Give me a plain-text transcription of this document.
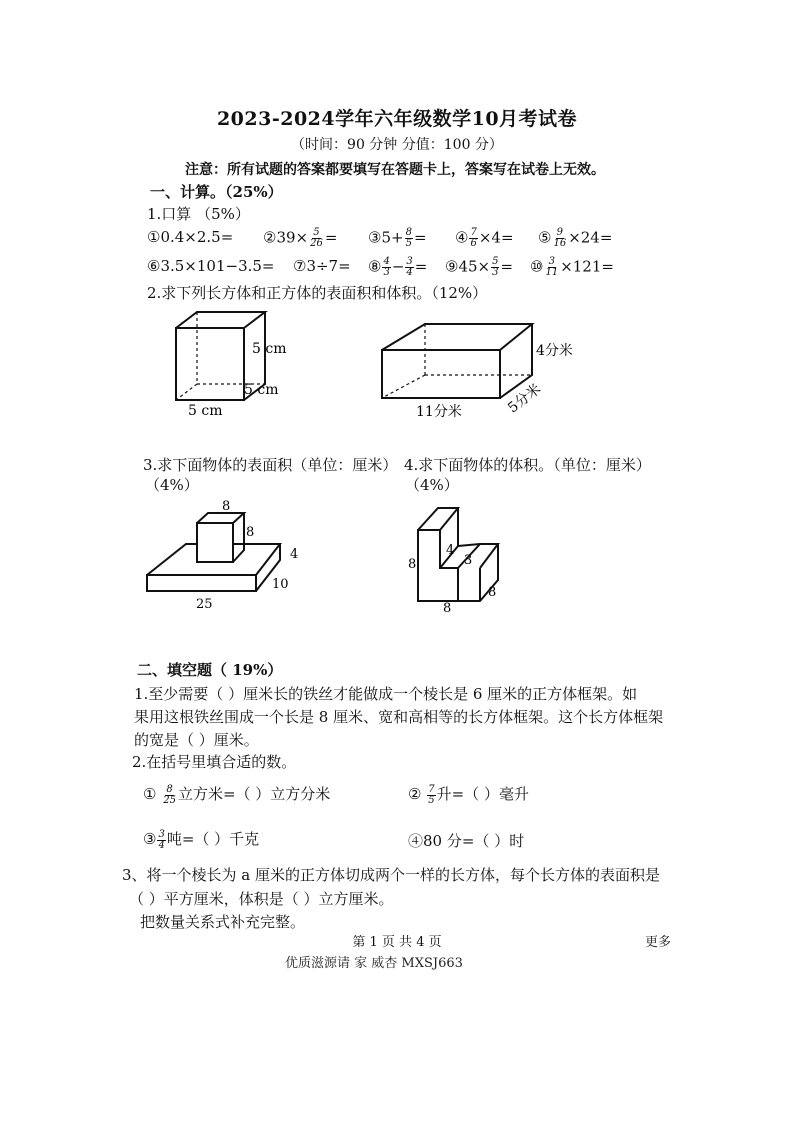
2023-2024学年六年级数学10月考试卷
（时间：90 分钟 分值：100 分）
注意：所有试题的答案都要填写在答题卡上，答案写在试卷上无效。
一、计算。（25%）
1.口算 （5%）
①0.4×2.5= ②39× $\frac{5}{26}$ = ③5+ $\frac{8}{5}$ = ④ $\frac{7}{6} \times 4=$ ⑤ $\frac{9}{16} \times 24=$
⑥3.5×101−3.5= ⑦3÷7= ⑧ $\frac{4}{3} - \frac{3}{4}$ = ⑨45× $\frac{5}{3}$ = ⑩ $\frac{3}{11} \times 121=$
2.求下列长方体和正方体的表面积和体积。（12%）
5 cm
5 cm
5 cm
4分米
11分米	5分米
3.求下面物体的表面积（单位：厘米）
（4%）
4.求下面物体的体积。（单位：厘米）
（4%）
8
8
4
10
25
8
4
3
8
8
二、填空题（ 19%）
1.至少需要（ ）厘米长的铁丝才能做成一个棱长是 6 厘米的正方体框架。如
果用这根铁丝围成一个长是 8 厘米、宽和高相等的长方体框架。这个长方体框架
的宽是（ ）厘米。
2.在括号里填合适的数。
① $\frac{8}{25}$ 立方米=（ ）立方分米	② $\frac{7}{5}$ 升=（ ）毫升
③ $\frac{3}{4}$ 吨=（ ）千克	④80 分=（ ）时
3、将一个棱长为 a 厘米的正方体切成两个一样的长方体，每个长方体的表面积是
（ ）平方厘米，体积是（ ）立方厘米。
把数量关系式补充完整。
第 1 页 共 4 页	更多
优质滋源请 家 威杏 MXSJ663
